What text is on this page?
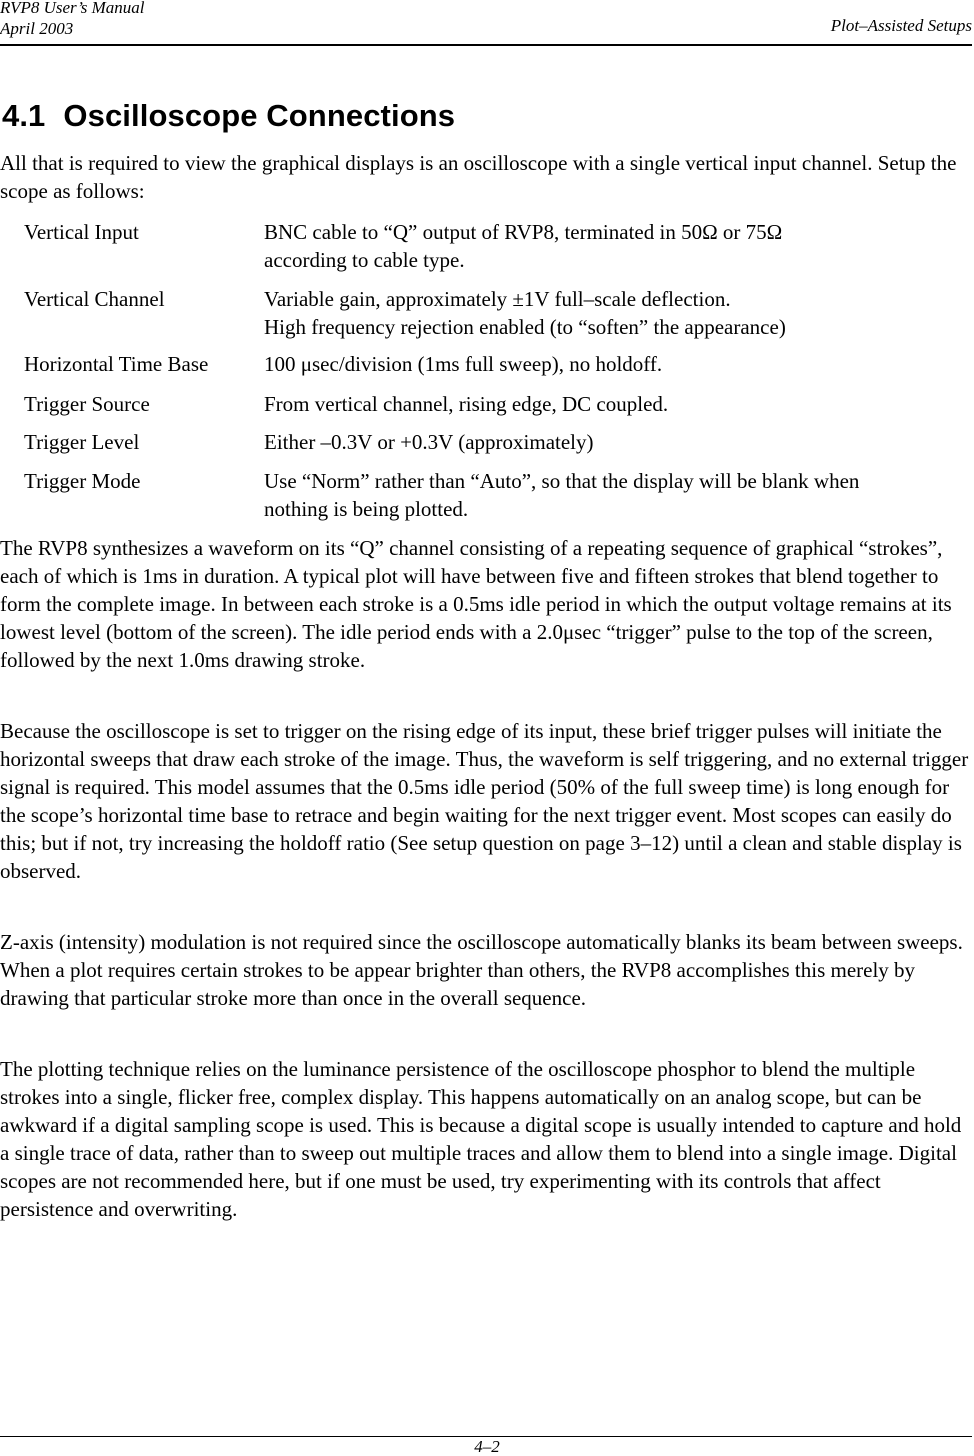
RVP8 User’s Manual
April 2003	Plot–Assisted Setups
4.1 Oscilloscope Connections

All that is required to view the graphical displays is an oscilloscope with a single vertical input channel. Setup the scope as follows:

Vertical Input	BNC cable to “Q” output of RVP8, terminated in 50Ω or 75Ω
according to cable type.
Vertical Channel	Variable gain, approximately ±1V full–scale deflection.
High frequency rejection enabled (to “soften” the appearance)
Horizontal Time Base	100 μsec/division (1ms full sweep), no holdoff.
Trigger Source	From vertical channel, rising edge, DC coupled.
Trigger Level	Either –0.3V or +0.3V (approximately)
Trigger Mode	Use “Norm” rather than “Auto”, so that the display will be blank when
nothing is being plotted.

The RVP8 synthesizes a waveform on its “Q” channel consisting of a repeating sequence of graphical “strokes”, each of which is 1ms in duration. A typical plot will have between five and fifteen strokes that blend together to form the complete image. In between each stroke is a 0.5ms idle period in which the output voltage remains at its lowest level (bottom of the screen). The idle period ends with a 2.0μsec “trigger” pulse to the top of the screen, followed by the next 1.0ms drawing stroke.

Because the oscilloscope is set to trigger on the rising edge of its input, these brief trigger pulses will initiate the horizontal sweeps that draw each stroke of the image. Thus, the waveform is self triggering, and no external trigger signal is required. This model assumes that the 0.5ms idle period (50% of the full sweep time) is long enough for the scope’s horizontal time base to retrace and begin waiting for the next trigger event. Most scopes can easily do this; but if not, try increasing the holdoff ratio (See setup question on page 3–12) until a clean and stable display is observed.

Z-axis (intensity) modulation is not required since the oscilloscope automatically blanks its beam between sweeps. When a plot requires certain strokes to be appear brighter than others, the RVP8 accomplishes this merely by drawing that particular stroke more than once in the overall sequence.

The plotting technique relies on the luminance persistence of the oscilloscope phosphor to blend the multiple strokes into a single, flicker free, complex display. This happens automatically on an analog scope, but can be awkward if a digital sampling scope is used. This is because a digital scope is usually intended to capture and hold a single trace of data, rather than to sweep out multiple traces and allow them to blend into a single image. Digital scopes are not recommended here, but if one must be used, try experimenting with its controls that affect persistence and overwriting.

4–2
